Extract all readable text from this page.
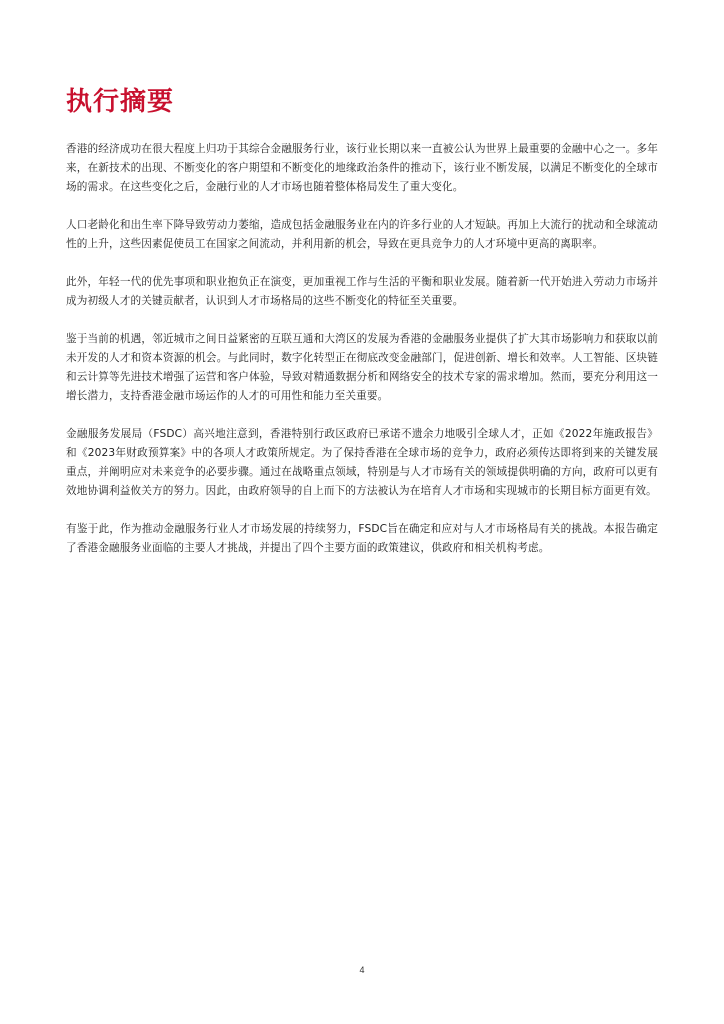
执行摘要

香港的经济成功在很大程度上归功于其综合金融服务行业，该行业长期以来一直被公认为世界上最重要的金融中心之一。多年来，在新技术的出现、不断变化的客户期望和不断变化的地缘政治条件的推动下，该行业不断发展，以满足不断变化的全球市场的需求。在这些变化之后，金融行业的人才市场也随着整体格局发生了重大变化。

人口老龄化和出生率下降导致劳动力萎缩，造成包括金融服务业在内的许多行业的人才短缺。再加上大流行的扰动和全球流动性的上升，这些因素促使员工在国家之间流动，并利用新的机会，导致在更具竞争力的人才环境中更高的离职率。

此外，年轻一代的优先事项和职业抱负正在演变，更加重视工作与生活的平衡和职业发展。随着新一代开始进入劳动力市场并成为初级人才的关键贡献者，认识到人才市场格局的这些不断变化的特征至关重要。

鉴于当前的机遇，邻近城市之间日益紧密的互联互通和大湾区的发展为香港的金融服务业提供了扩大其市场影响力和获取以前未开发的人才和资本资源的机会。与此同时，数字化转型正在彻底改变金融部门，促进创新、增长和效率。人工智能、区块链和云计算等先进技术增强了运营和客户体验，导致对精通数据分析和网络安全的技术专家的需求增加。然而，要充分利用这一增长潜力，支持香港金融市场运作的人才的可用性和能力至关重要。

金融服务发展局（FSDC）高兴地注意到，香港特别行政区政府已承诺不遗余力地吸引全球人才，正如《2022年施政报告》和《2023年财政预算案》中的各项人才政策所规定。为了保持香港在全球市场的竞争力，政府必须传达即将到来的关键发展重点，并阐明应对未来竞争的必要步骤。通过在战略重点领域，特别是与人才市场有关的领域提供明确的方向，政府可以更有效地协调利益攸关方的努力。因此，由政府领导的自上而下的方法被认为在培育人才市场和实现城市的长期目标方面更有效。

有鉴于此，作为推动金融服务行业人才市场发展的持续努力，FSDC旨在确定和应对与人才市场格局有关的挑战。本报告确定了香港金融服务业面临的主要人才挑战，并提出了四个主要方面的政策建议，供政府和相关机构考虑。

4
